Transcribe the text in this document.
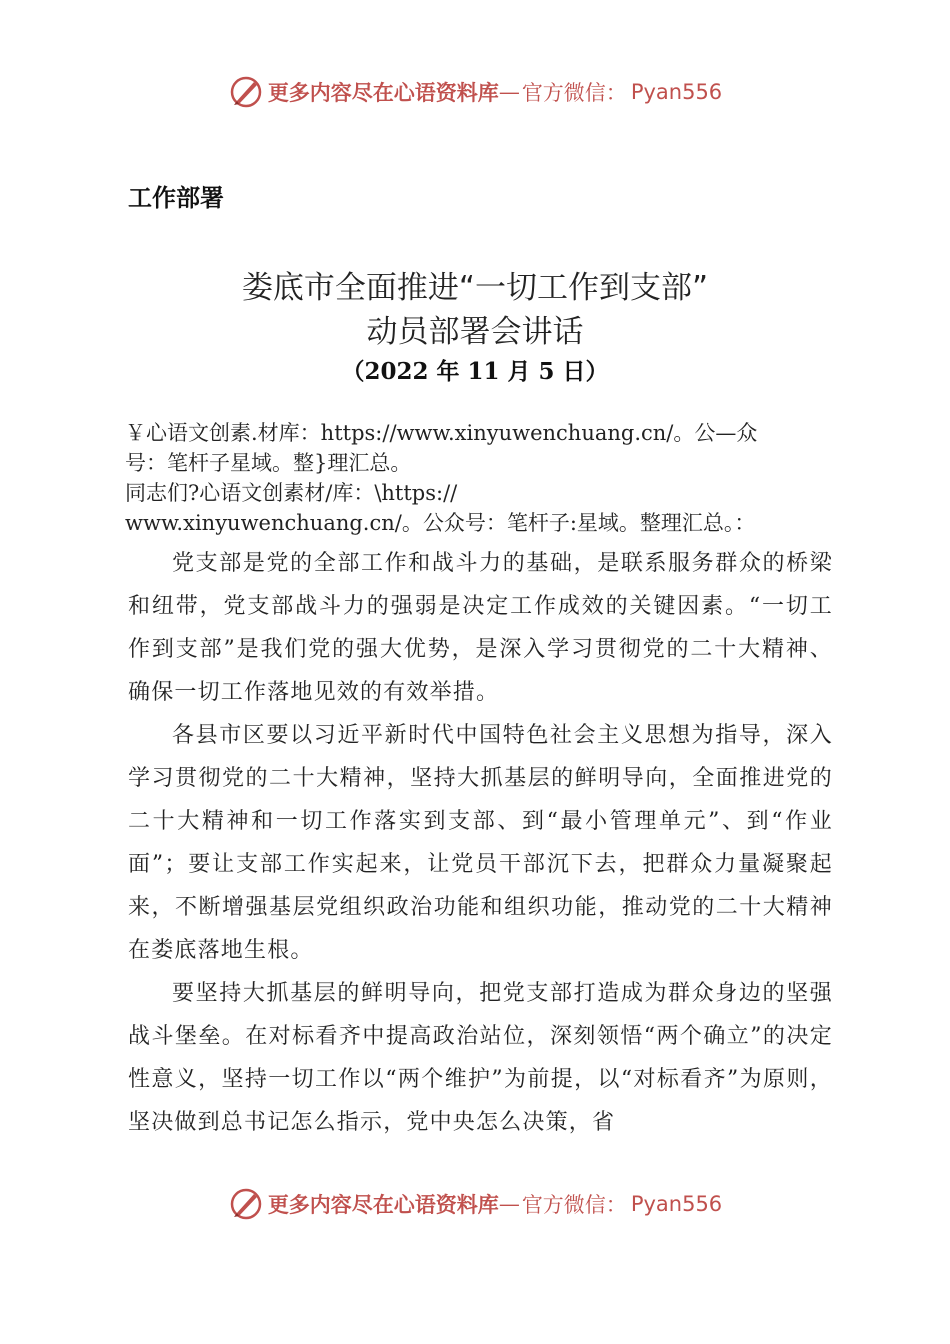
更多内容尽在心语资料库 — 官方微信： Pyan556
工作部署
娄底市全面推进“一切工作到支部”
动员部署会讲话
（2022 年 11 月 5 日）
￥心语文创素.材库：https://www.xinyuwenchuang.cn/。公—众
号：笔杆子星域。整}理汇总。
同志们?心语文创素材/库：\https://
www.xinyuwenchuang.cn/。公众号：笔杆子:星域。整理汇总。：

党支部是党的全部工作和战斗力的基础，是联系服务群众的桥梁和纽带，党支部战斗力的强弱是决定工作成效的关键因素。“一切工作到支部”是我们党的强大优势，是深入学习贯彻党的二十大精神、确保一切工作落地见效的有效举措。

各县市区要以习近平新时代中国特色社会主义思想为指导，深入学习贯彻党的二十大精神，坚持大抓基层的鲜明导向，全面推进党的二十大精神和一切工作落实到支部、到“最小管理单元”、到“作业面”；要让支部工作实起来，让党员干部沉下去，把群众力量凝聚起来，不断增强基层党组织政治功能和组织功能，推动党的二十大精神在娄底落地生根。

要坚持大抓基层的鲜明导向，把党支部打造成为群众身边的坚强战斗堡垒。在对标看齐中提高政治站位，深刻领悟“两个确立”的决定性意义，坚持一切工作以“两个维护”为前提，以“对标看齐”为原则，坚决做到总书记怎么指示，党中央怎么决策，省

更多内容尽在心语资料库 — 官方微信： Pyan556
